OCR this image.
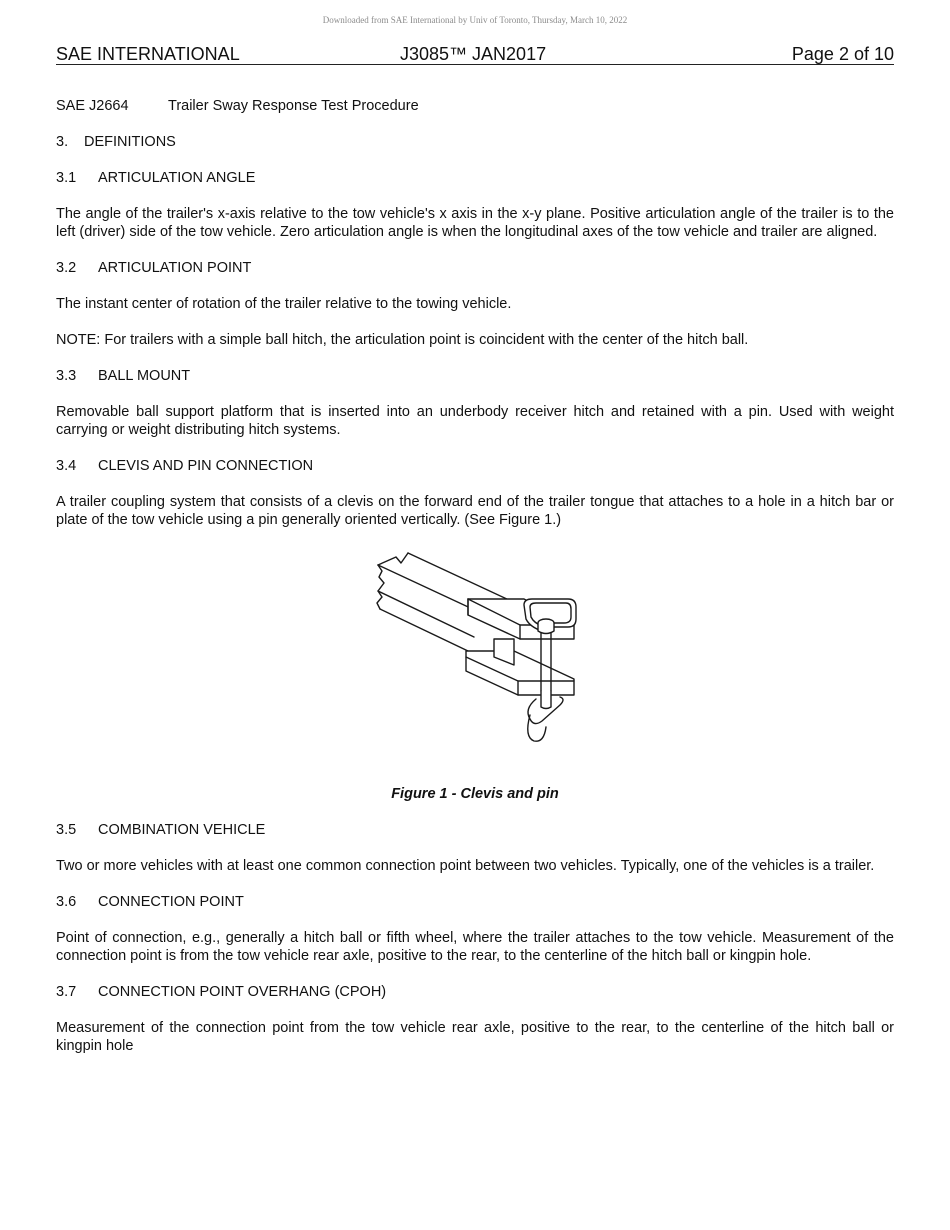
Downloaded from SAE International by Univ of Toronto, Thursday, March 10, 2022
SAE INTERNATIONAL	J3085™ JAN2017	Page 2 of 10
SAE J2664	Trailer Sway Response Test Procedure
3. DEFINITIONS
3.1 ARTICULATION ANGLE
The angle of the trailer's x-axis relative to the tow vehicle's x axis in the x-y plane. Positive articulation angle of the trailer is to the left (driver) side of the tow vehicle. Zero articulation angle is when the longitudinal axes of the tow vehicle and trailer are aligned.
3.2 ARTICULATION POINT
The instant center of rotation of the trailer relative to the towing vehicle.
NOTE: For trailers with a simple ball hitch, the articulation point is coincident with the center of the hitch ball.
3.3 BALL MOUNT
Removable ball support platform that is inserted into an underbody receiver hitch and retained with a pin. Used with weight carrying or weight distributing hitch systems.
3.4 CLEVIS AND PIN CONNECTION
A trailer coupling system that consists of a clevis on the forward end of the trailer tongue that attaches to a hole in a hitch bar or plate of the tow vehicle using a pin generally oriented vertically. (See Figure 1.)
Figure 1 - Clevis and pin
3.5 COMBINATION VEHICLE
Two or more vehicles with at least one common connection point between two vehicles. Typically, one of the vehicles is a trailer.
3.6 CONNECTION POINT
Point of connection, e.g., generally a hitch ball or fifth wheel, where the trailer attaches to the tow vehicle. Measurement of the connection point is from the tow vehicle rear axle, positive to the rear, to the centerline of the hitch ball or kingpin hole.
3.7 CONNECTION POINT OVERHANG (CPOH)
Measurement of the connection point from the tow vehicle rear axle, positive to the rear, to the centerline of the hitch ball or kingpin hole
